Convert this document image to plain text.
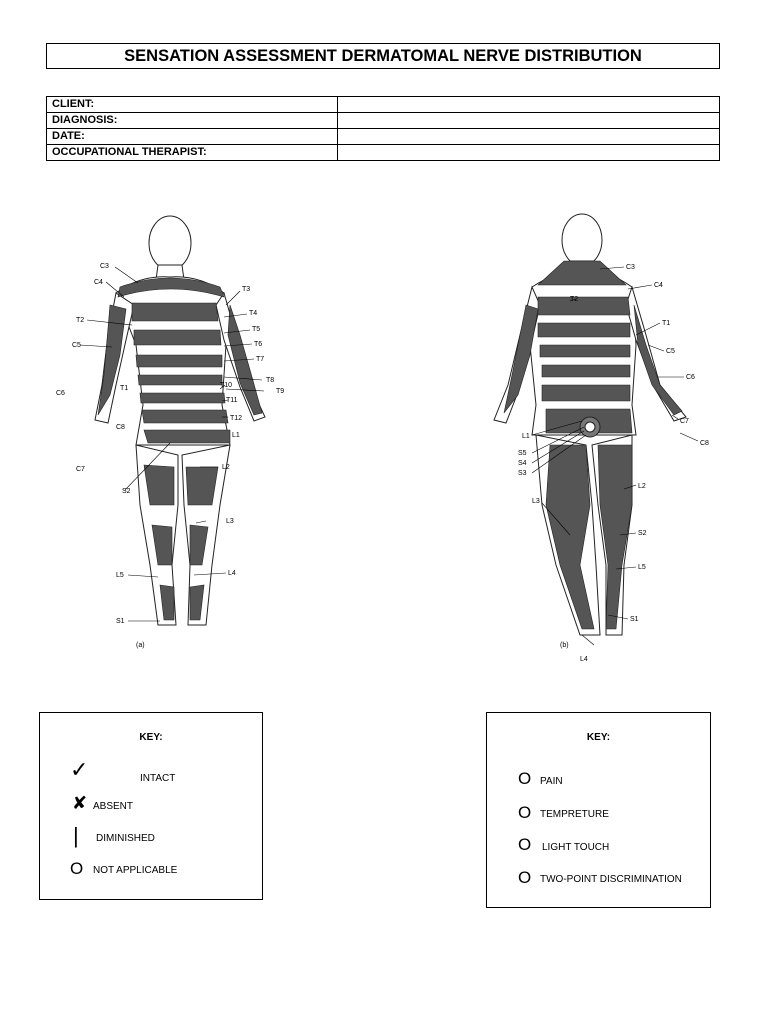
SENSATION ASSESSMENT DERMATOMAL NERVE DISTRIBUTION
CLIENT:	
DIAGNOSIS:	
DATE:	
OCCUPATIONAL THERAPIST:	
C3
C4
T2
C5
T1
C6
C8
C7
T3
T4
T5
T6
T7
T8
T9
T10
T11
T12
L1
L2
L3
L4
L5
S1
S2
(a)
C3
C4
T2
T1
C5
C6
C7
C8
L1
S5
S4
S3
L2
L3
S2
L5
S1
L4
(b)
KEY:
✓	INTACT
✘ ABSENT
| DIMINISHED
O NOT APPLICABLE
KEY:
O PAIN
O TEMPRETURE
O LIGHT TOUCH
O TWO-POINT DISCRIMINATION
